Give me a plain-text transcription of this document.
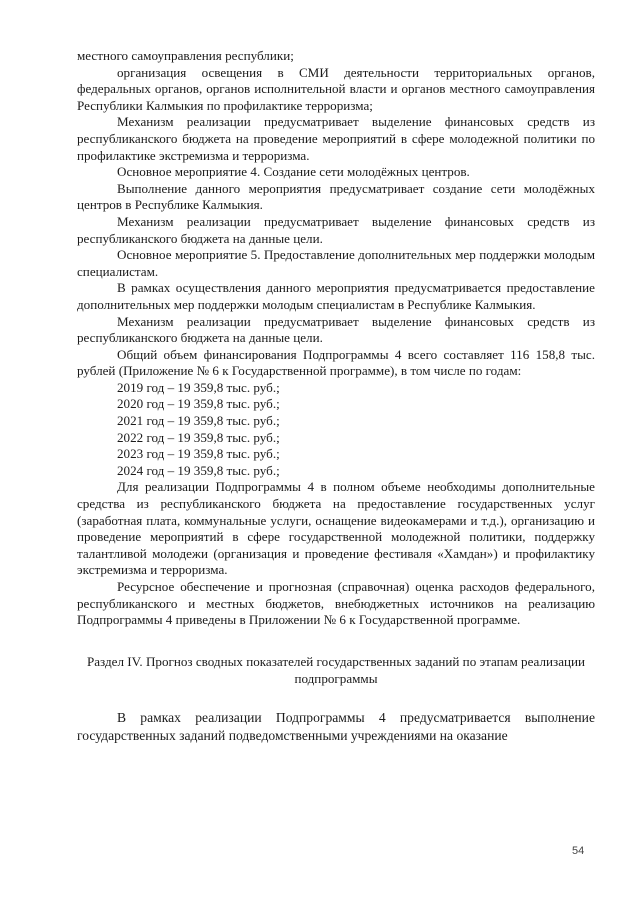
местного самоуправления республики;

организация освещения в СМИ деятельности территориальных органов, федеральных органов, органов исполнительной власти и органов местного самоуправления Республики Калмыкия по профилактике терроризма;

Механизм реализации предусматривает выделение финансовых средств из республиканского бюджета на проведение мероприятий в сфере молодежной политики по профилактике экстремизма и терроризма.

Основное мероприятие 4. Создание сети молодёжных центров.

Выполнение данного мероприятия предусматривает создание сети молодёжных центров в Республике Калмыкия.

Механизм реализации предусматривает выделение финансовых средств из республиканского бюджета на данные цели.

Основное мероприятие 5. Предоставление дополнительных мер поддержки молодым специалистам.

В рамках осуществления данного мероприятия предусматривается предоставление дополнительных мер поддержки молодым специалистам в Республике Калмыкия.

Механизм реализации предусматривает выделение финансовых средств из республиканского бюджета на данные цели.

Общий объем финансирования Подпрограммы 4 всего составляет 116 158,8 тыс. рублей (Приложение № 6 к Государственной программе), в том числе по годам:

2019 год – 19 359,8 тыс. руб.;
2020 год – 19 359,8 тыс. руб.;
2021 год – 19 359,8 тыс. руб.;
2022 год – 19 359,8 тыс. руб.;
2023 год – 19 359,8 тыс. руб.;
2024 год – 19 359,8 тыс. руб.;

Для реализации Подпрограммы 4 в полном объеме необходимы дополнительные средства из республиканского бюджета на предоставление государственных услуг (заработная плата, коммунальные услуги, оснащение видеокамерами и т.д.), организацию и проведение мероприятий в сфере государственной молодежной политики, поддержку талантливой молодежи (организация и проведение фестиваля «Хамдан») и профилактику экстремизма и терроризма.

Ресурсное обеспечение и прогнозная (справочная) оценка расходов федерального, республиканского и местных бюджетов, внебюджетных источников на реализацию Подпрограммы 4 приведены в Приложении № 6 к Государственной программе.

Раздел IV. Прогноз сводных показателей государственных заданий по этапам реализации подпрограммы

В рамках реализации Подпрограммы 4 предусматривается выполнение государственных заданий подведомственными учреждениями на оказание

54
